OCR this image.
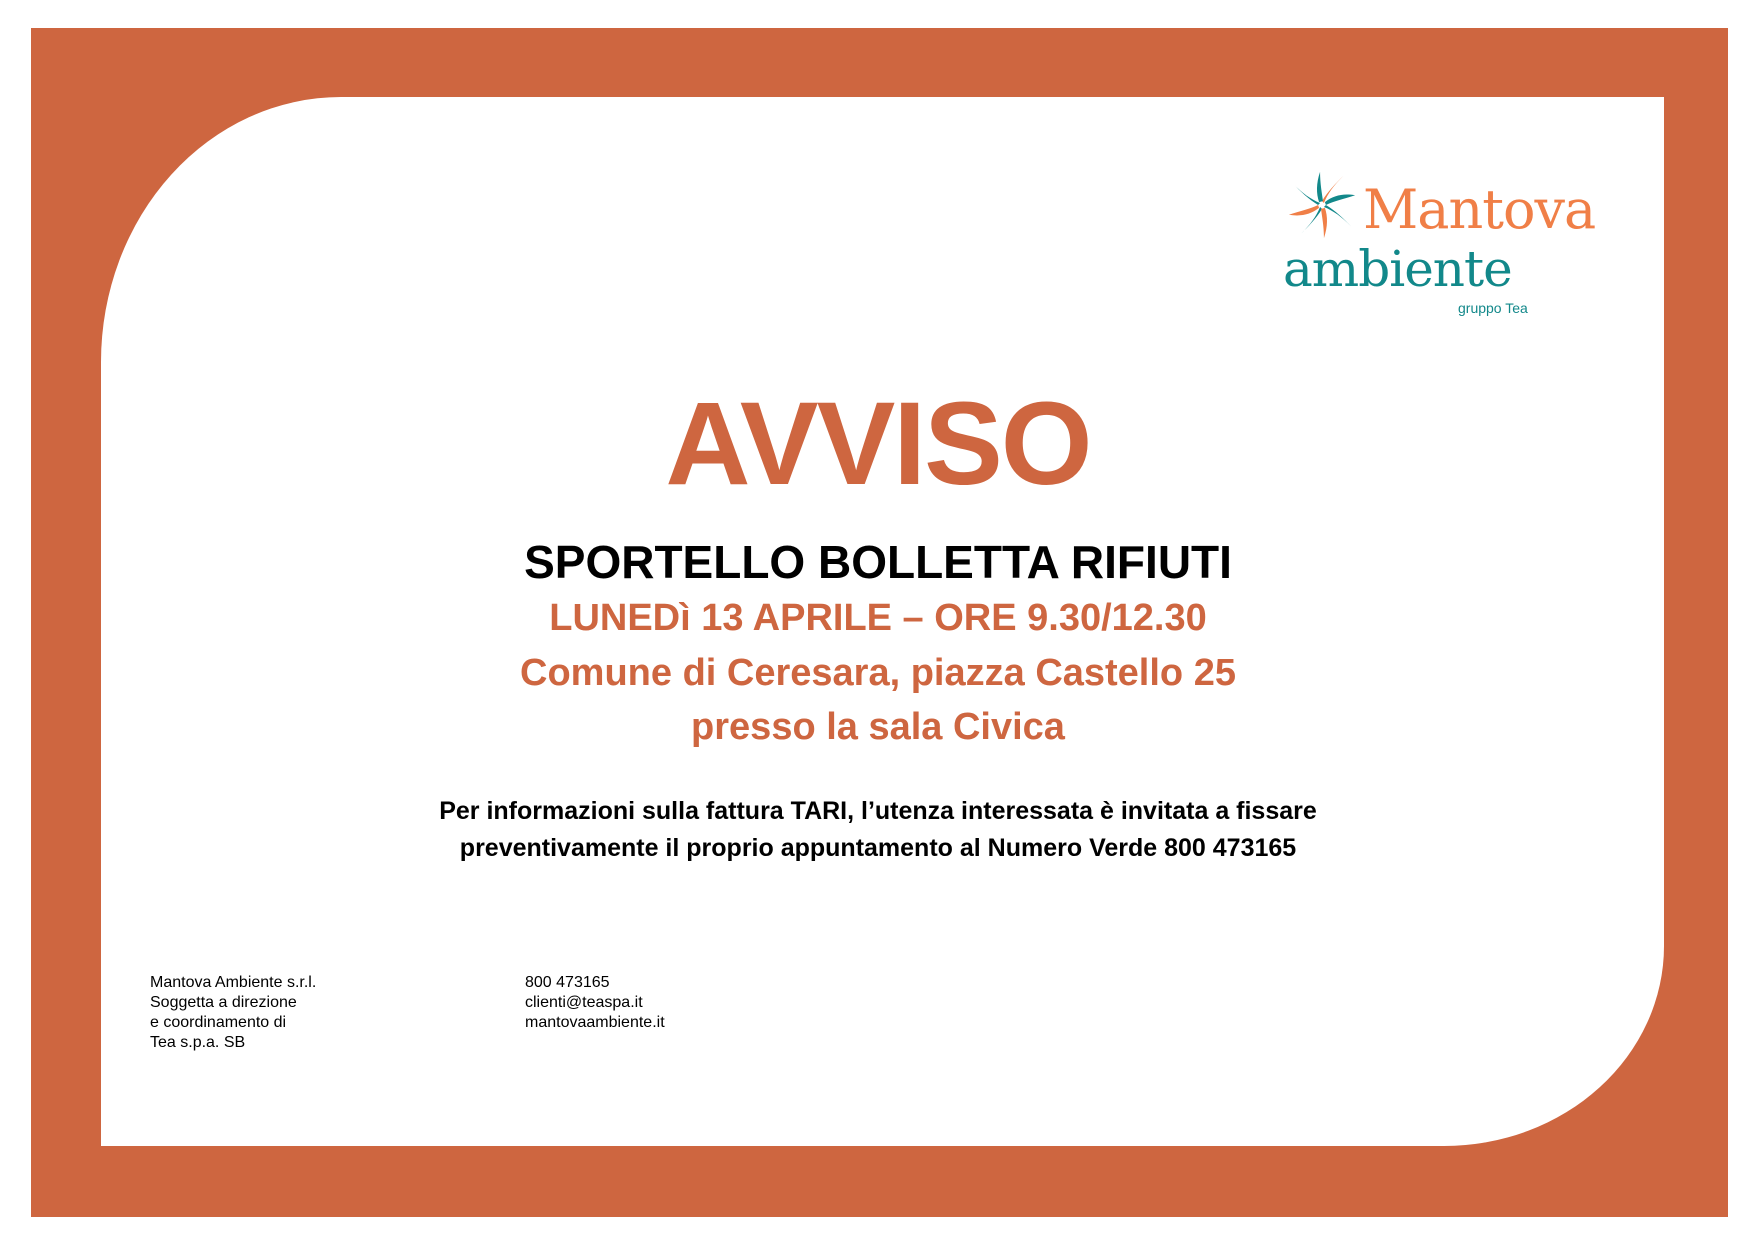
Mantova
ambiente
gruppo Tea
AVVISO
SPORTELLO BOLLETTA RIFIUTI
LUNEDì 13 APRILE – ORE 9.30/12.30
Comune di Ceresara, piazza Castello 25
presso la sala Civica
Per informazioni sulla fattura TARI, l’utenza interessata è invitata a fissare
preventivamente il proprio appuntamento al Numero Verde 800 473165
Mantova Ambiente s.r.l.
Soggetta a direzione
e coordinamento di
Tea s.p.a. SB
800 473165
clienti@teaspa.it
mantovaambiente.it
